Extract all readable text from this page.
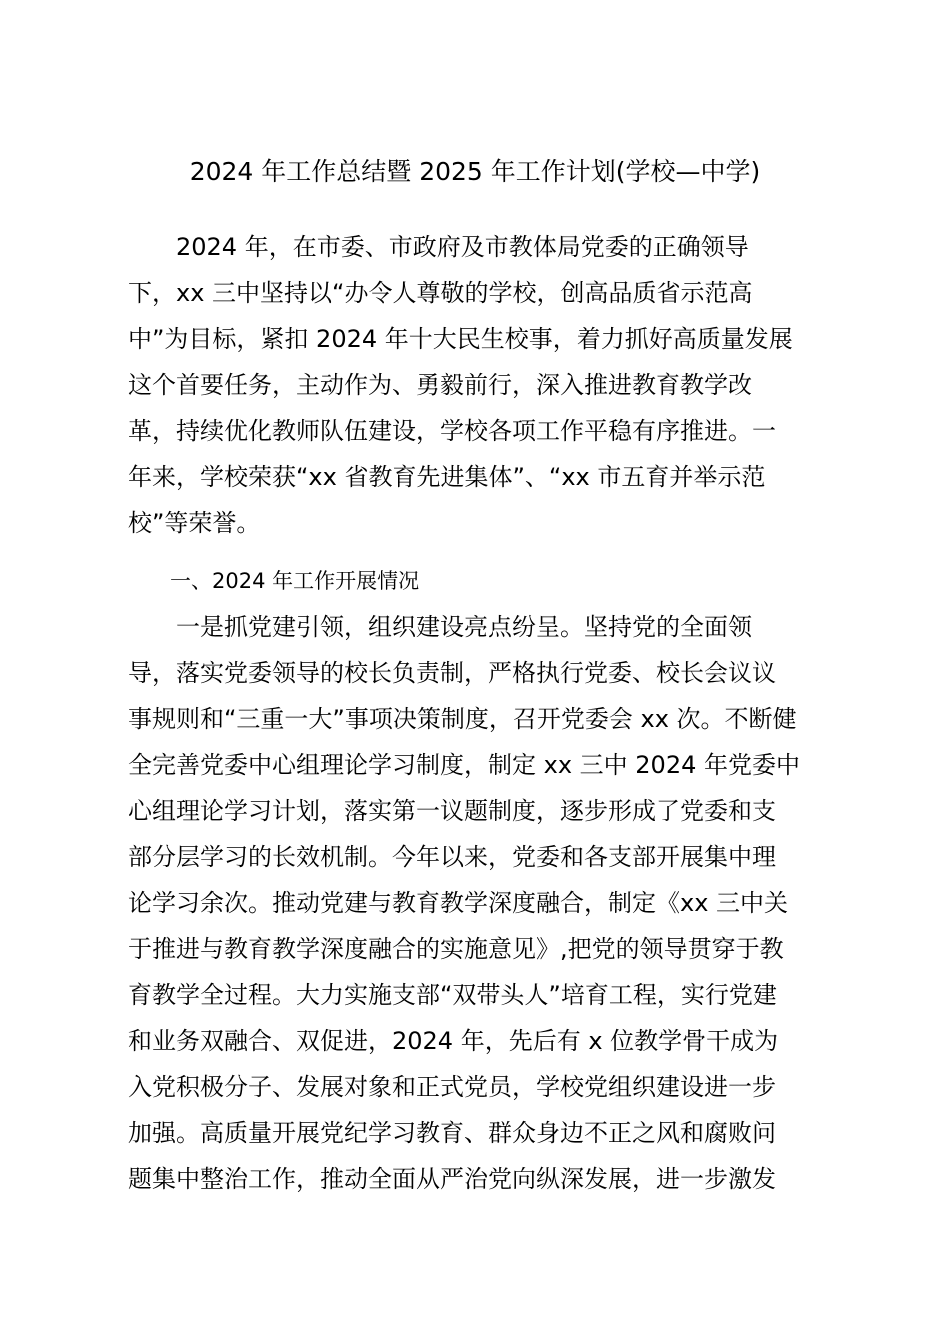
2024 年工作总结暨 2025 年工作计划(学校—中学)
　　2024 年，在市委、市政府及市教体局党委的正确领导
下，xx 三中坚持以“办令人尊敬的学校，创高品质省示范高
中”为目标，紧扣 2024 年十大民生校事，着力抓好高质量发展
这个首要任务，主动作为、勇毅前行，深入推进教育教学改
革，持续优化教师队伍建设，学校各项工作平稳有序推进。一
年来，学校荣获“xx 省教育先进集体”、“xx 市五育并举示范
校”等荣誉。
　　一、2024 年工作开展情况
　　一是抓党建引领，组织建设亮点纷呈。坚持党的全面领
导，落实党委领导的校长负责制，严格执行党委、校长会议议
事规则和“三重一大”事项决策制度，召开党委会 xx 次。不断健
全完善党委中心组理论学习制度，制定 xx 三中 2024 年党委中
心组理论学习计划，落实第一议题制度，逐步形成了党委和支
部分层学习的长效机制。今年以来，党委和各支部开展集中理
论学习余次。推动党建与教育教学深度融合，制定《xx 三中关
于推进与教育教学深度融合的实施意见》,把党的领导贯穿于教
育教学全过程。大力实施支部“双带头人”培育工程，实行党建
和业务双融合、双促进，2024 年，先后有 x 位教学骨干成为
入党积极分子、发展对象和正式党员，学校党组织建设进一步
加强。高质量开展党纪学习教育、群众身边不正之风和腐败问
题集中整治工作，推动全面从严治党向纵深发展，进一步激发
